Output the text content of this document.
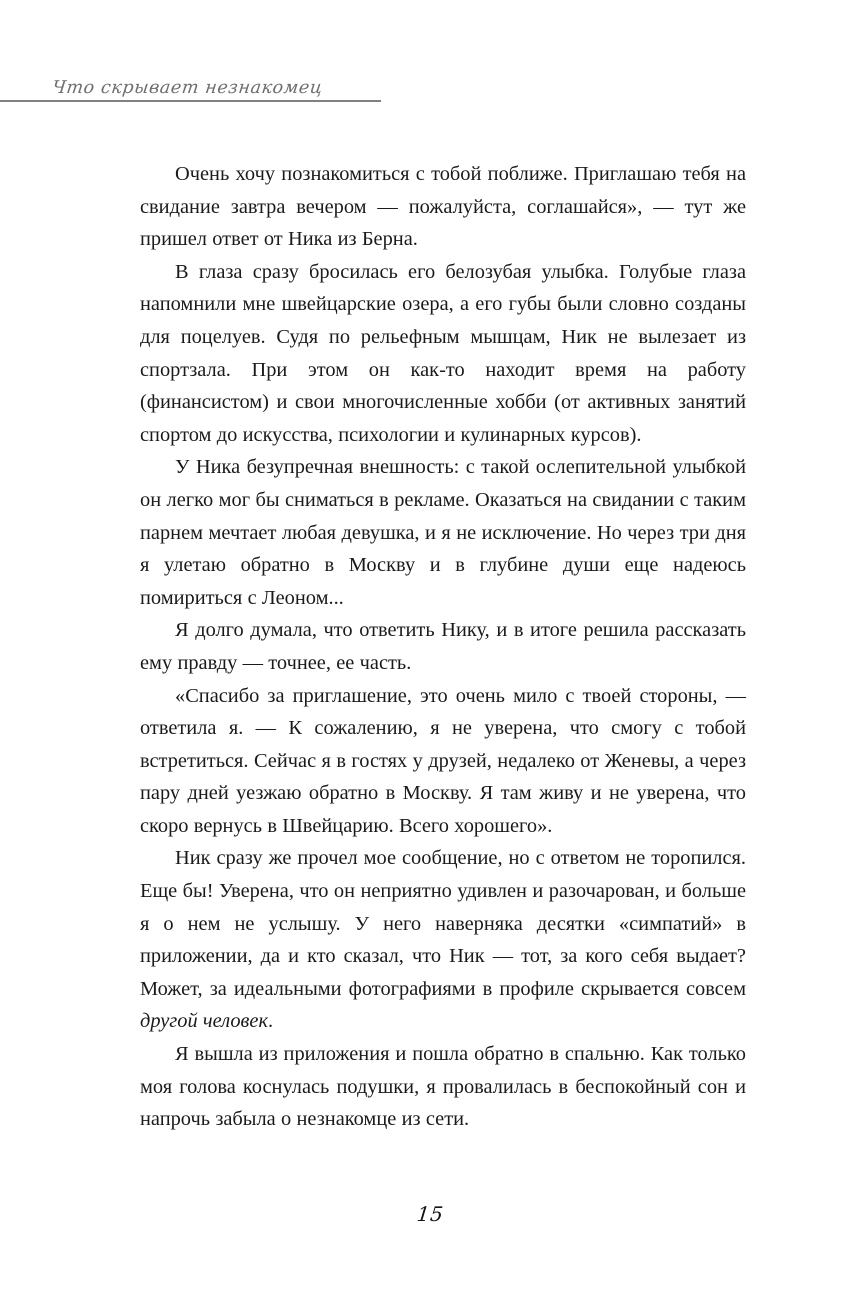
Что скрывает незнакомец

Очень хочу познакомиться с тобой поближе. Приглашаю тебя на свидание завтра вечером — пожалуйста, соглашайся», — тут же пришел ответ от Ника из Берна.

В глаза сразу бросилась его белозубая улыбка. Голубые глаза напомнили мне швейцарские озера, а его губы были словно созданы для поцелуев. Судя по рельефным мышцам, Ник не вылезает из спортзала. При этом он как-то находит время на работу (финансистом) и свои многочисленные хобби (от активных занятий спортом до искусства, психологии и кулинарных курсов).

У Ника безупречная внешность: с такой ослепительной улыбкой он легко мог бы сниматься в рекламе. Оказаться на свидании с таким парнем мечтает любая девушка, и я не исключение. Но через три дня я улетаю обратно в Москву и в глубине души еще надеюсь помириться с Леоном...

Я долго думала, что ответить Нику, и в итоге решила рассказать ему правду — точнее, ее часть.

«Спасибо за приглашение, это очень мило с твоей стороны, — ответила я. — К сожалению, я не уверена, что смогу с тобой встретиться. Сейчас я в гостях у друзей, недалеко от Женевы, а через пару дней уезжаю обратно в Москву. Я там живу и не уверена, что скоро вернусь в Швейцарию. Всего хорошего».

Ник сразу же прочел мое сообщение, но с ответом не торопился. Еще бы! Уверена, что он неприятно удивлен и разочарован, и больше я о нем не услышу. У него наверняка десятки «симпатий» в приложении, да и кто сказал, что Ник — тот, за кого себя выдает? Может, за идеальными фотографиями в профиле скрывается совсем другой человек.

Я вышла из приложения и пошла обратно в спальню. Как только моя голова коснулась подушки, я провалилась в беспокойный сон и напрочь забыла о незнакомце из сети.

15
